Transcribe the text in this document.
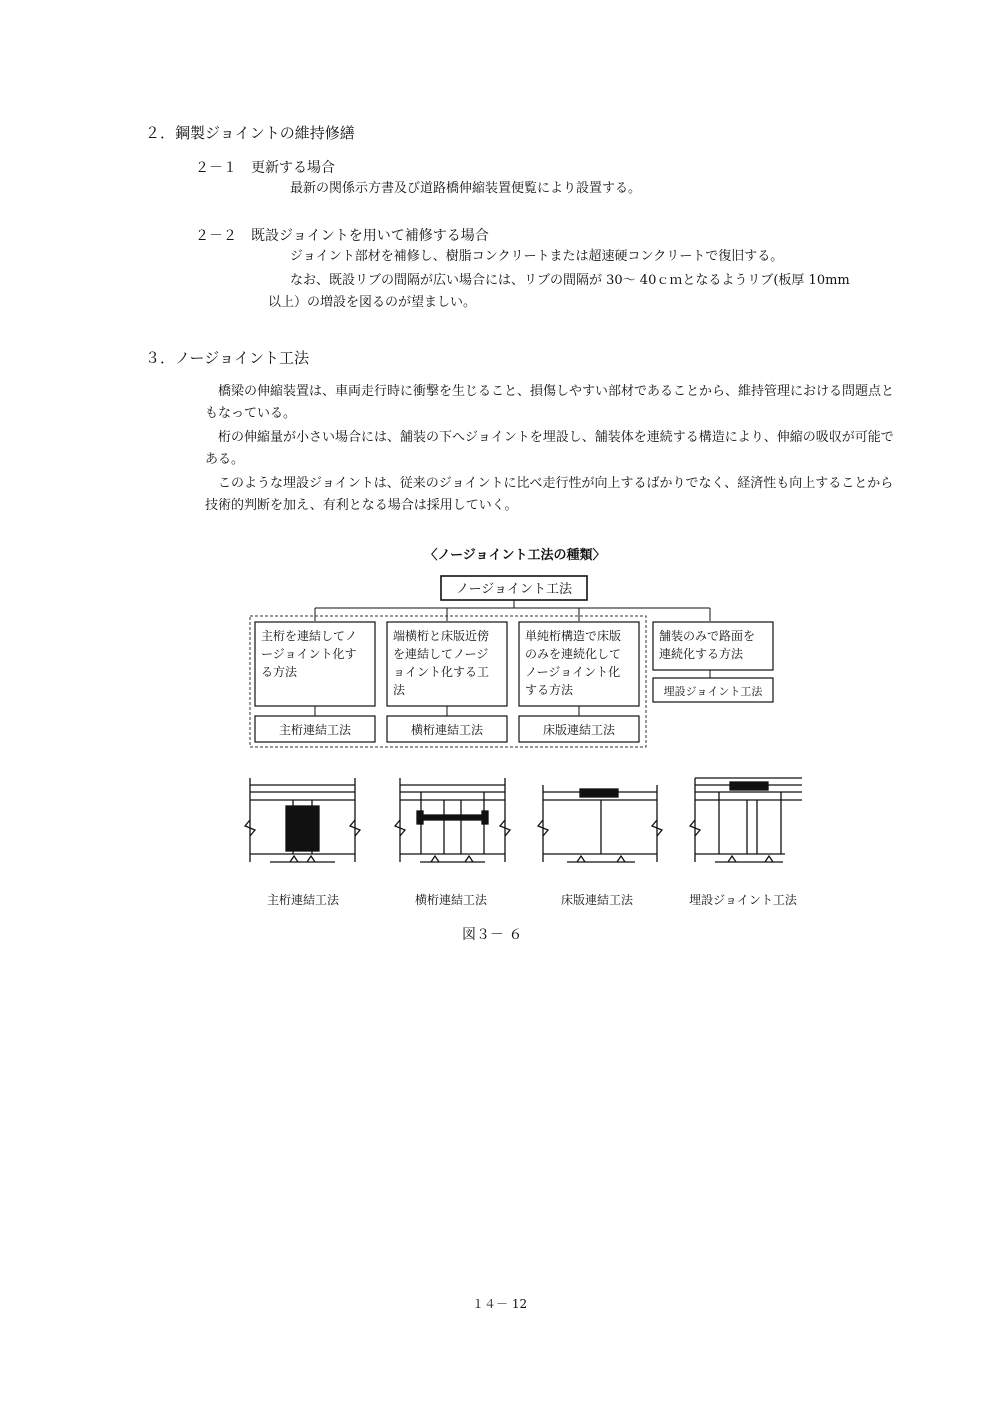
２．鋼製ジョイントの維持修繕
２－１　更新する場合
最新の関係示方書及び道路橋伸縮装置便覧により設置する。
２－２　既設ジョイントを用いて補修する場合
ジョイント部材を補修し、樹脂コンクリートまたは超速硬コンクリートで復旧する。
なお、既設リブの間隔が広い場合には、リブの間隔が 30～ 40ｃｍとなるようリブ(板厚 10mm
以上）の増設を図るのが望ましい。
３．ノージョイント工法
　橋梁の伸縮装置は、車両走行時に衝撃を生じること、損傷しやすい部材であることから、維持管理における問題点ともなっている。
　桁の伸縮量が小さい場合には、舗装の下へジョイントを埋設し、舗装体を連続する構造により、伸縮の吸収が可能である。
　このような埋設ジョイントは、従来のジョイントに比べ走行性が向上するばかりでなく、経済性も向上することから技術的判断を加え、有利となる場合は採用していく。
〈ノージョイント工法の種類〉
ノージョイント工法
主桁を連結してノ ージョイント化す る方法
主桁連結工法
端横桁と床版近傍 を連結してノージ ョイント化する工 法
横桁連結工法
単純桁構造で床版 のみを連続化して ノージョイント化 する方法
床版連結工法
舗装のみで路面を 連続化する方法
埋設ジョイント工法
主桁連結工法	横桁連結工法	床版連結工法	埋設ジョイント工法
図３－ ６
１４－ 12
